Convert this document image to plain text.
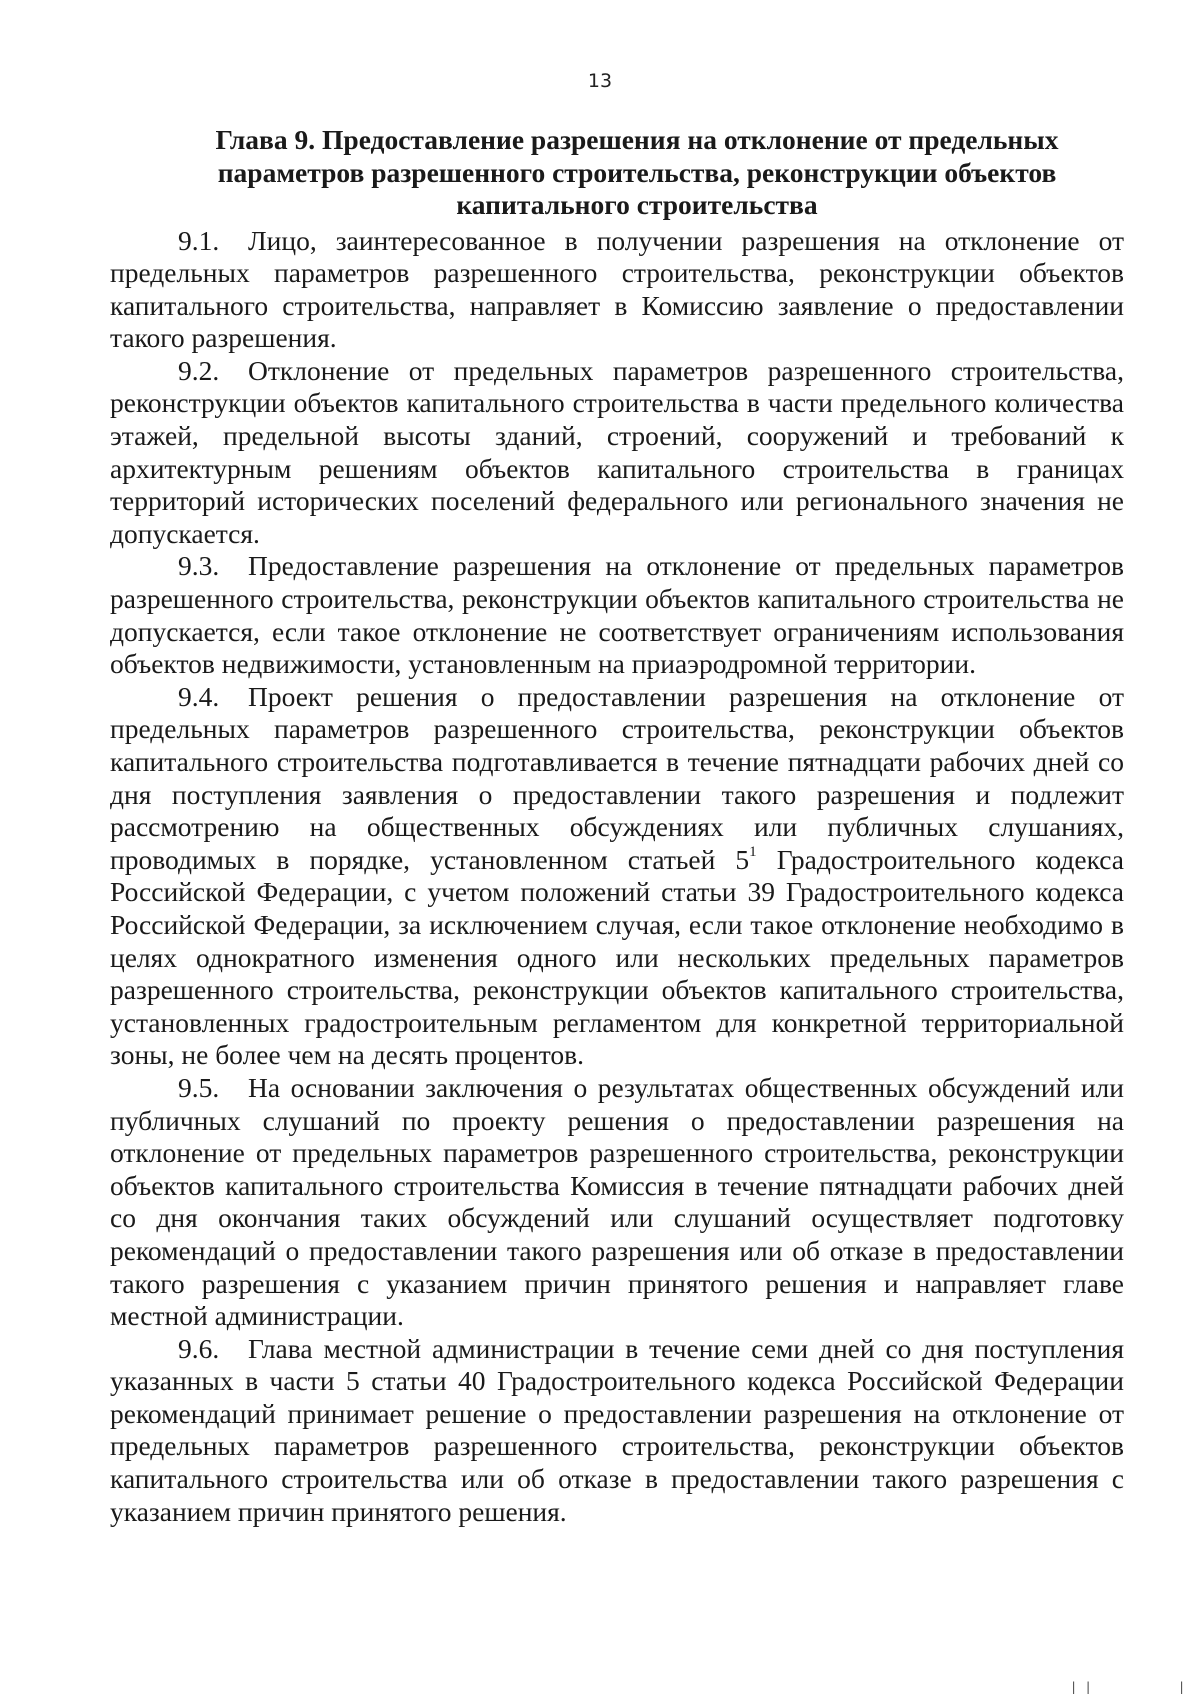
13
Глава 9. Предоставление разрешения на отклонение от предельных параметров разрешенного строительства, реконструкции объектов капитального строительства

9.1. Лицо, заинтересованное в получении разрешения на отклонение от предельных параметров разрешенного строительства, реконструкции объектов капитального строительства, направляет в Комиссию заявление о предоставлении такого разрешения.

9.2. Отклонение от предельных параметров разрешенного строительства, реконструкции объектов капитального строительства в части предельного количества этажей, предельной высоты зданий, строений, сооружений и требований к архитектурным решениям объектов капитального строительства в границах территорий исторических поселений федерального или регионального значения не допускается.

9.3. Предоставление разрешения на отклонение от предельных параметров разрешенного строительства, реконструкции объектов капитального строительства не допускается, если такое отклонение не соответствует ограничениям использования объектов недвижимости, установленным на приаэродромной территории.

9.4. Проект решения о предоставлении разрешения на отклонение от предельных параметров разрешенного строительства, реконструкции объектов капитального строительства подготавливается в течение пятнадцати рабочих дней со дня поступления заявления о предоставлении такого разрешения и подлежит рассмотрению на общественных обсуждениях или публичных слушаниях, проводимых в порядке, установленном статьей $5^1$ Градостроительного кодекса Российской Федерации, с учетом положений статьи 39 Градостроительного кодекса Российской Федерации, за исключением случая, если такое отклонение необходимо в целях однократного изменения одного или нескольких предельных параметров разрешенного строительства, реконструкции объектов капитального строительства, установленных градостроительным регламентом для конкретной территориальной зоны, не более чем на десять процентов.

9.5. На основании заключения о результатах общественных обсуждений или публичных слушаний по проекту решения о предоставлении разрешения на отклонение от предельных параметров разрешенного строительства, реконструкции объектов капитального строительства Комиссия в течение пятнадцати рабочих дней со дня окончания таких обсуждений или слушаний осуществляет подготовку рекомендаций о предоставлении такого разрешения или об отказе в предоставлении такого разрешения с указанием причин принятого решения и направляет главе местной администрации.

9.6. Глава местной администрации в течение семи дней со дня поступления указанных в части 5 статьи 40 Градостроительного кодекса Российской Федерации рекомендаций принимает решение о предоставлении разрешения на отклонение от предельных параметров разрешенного строительства, реконструкции объектов капитального строительства или об отказе в предоставлении такого разрешения с указанием причин принятого решения.

| |	|
